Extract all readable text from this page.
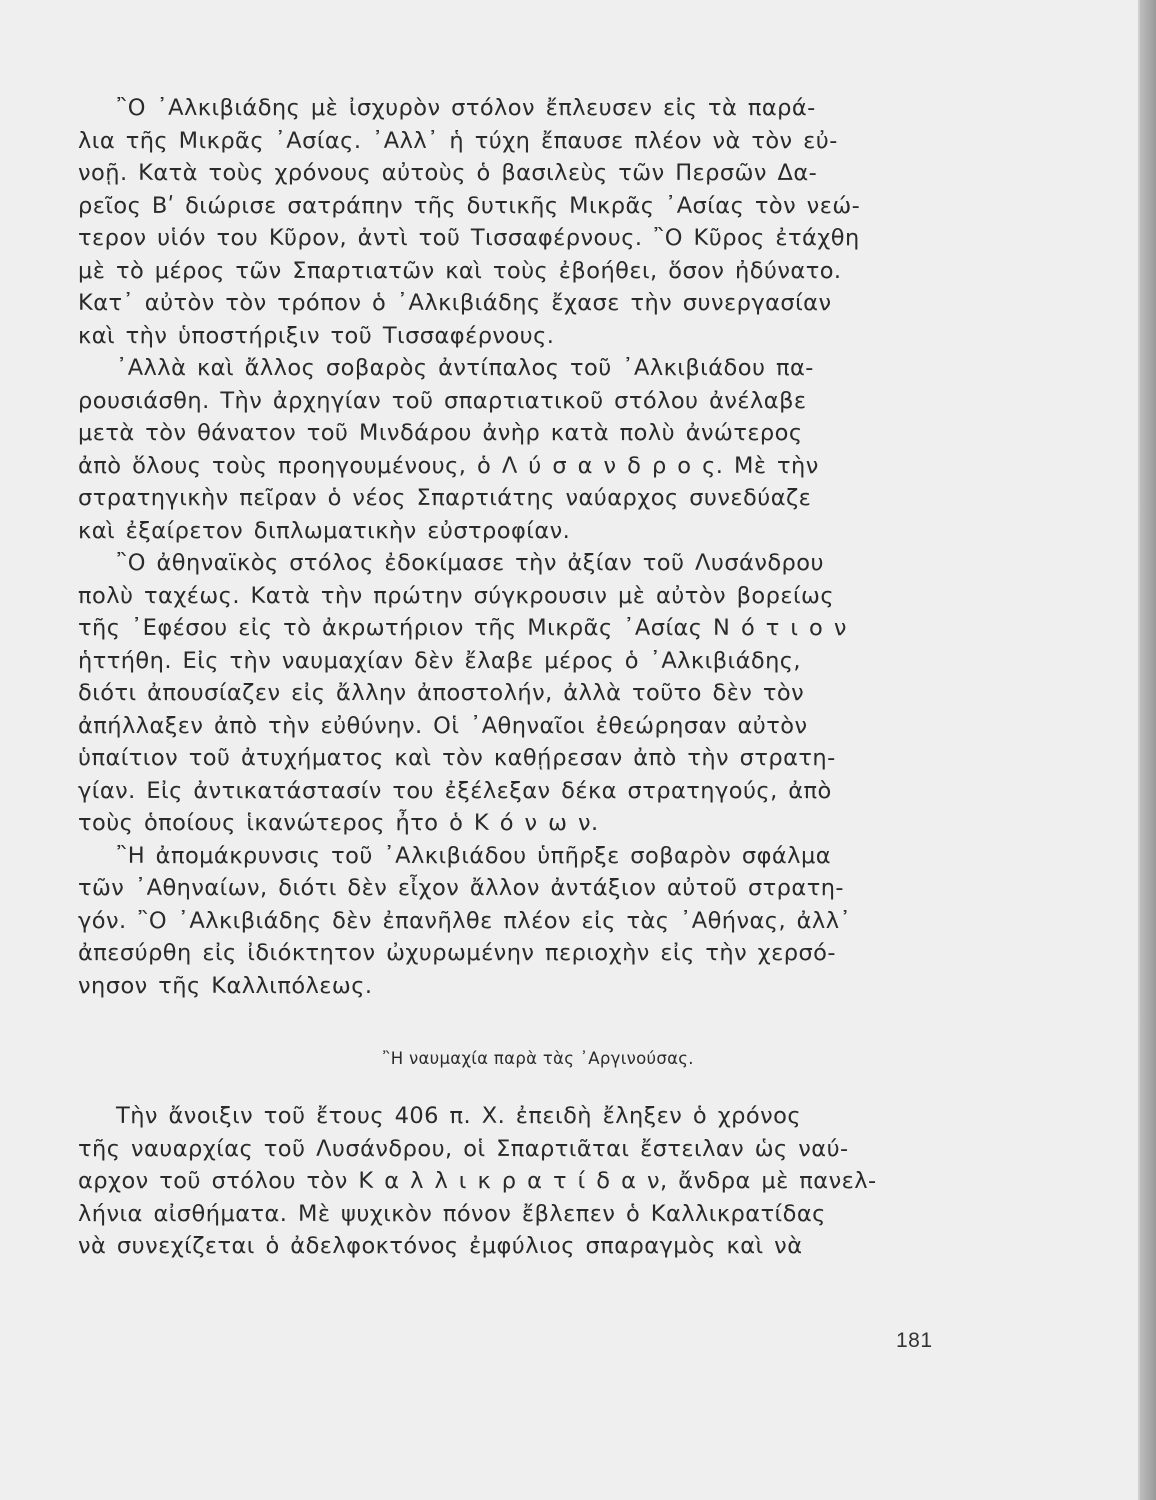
῍Ο ᾽Αλκιβιάδης μὲ ἰσχυρὸν στόλον ἔπλευσεν εἰς τὰ παρά-
λια τῆς Μικρᾶς ᾽Ασίας. ᾽Αλλ᾽ ἡ τύχη ἔπαυσε πλέον νὰ τὸν εὐ-
νοῇ. Κατὰ τοὺς χρόνους αὐτοὺς ὁ βασιλεὺς τῶν Περσῶν Δα-
ρεῖος Βʹ διώρισε σατράπην τῆς δυτικῆς Μικρᾶς ᾽Ασίας τὸν νεώ-
τερον υἱόν του Κῦρον, ἀντὶ τοῦ Τισσαφέρνους. ῍Ο Κῦρος ἐτάχθη
μὲ τὸ μέρος τῶν Σπαρτιατῶν καὶ τοὺς ἐβοήθει, ὅσον ἠδύνατο.
Κατ᾽ αὐτὸν τὸν τρόπον ὁ ᾽Αλκιβιάδης ἔχασε τὴν συνεργασίαν
καὶ τὴν ὑποστήριξιν τοῦ Τισσαφέρνους.
᾽Αλλὰ καὶ ἄλλος σοβαρὸς ἀντίπαλος τοῦ ᾽Αλκιβιάδου πα-
ρουσιάσθη. Τὴν ἀρχηγίαν τοῦ σπαρτιατικοῦ στόλου ἀνέλαβε
μετὰ τὸν θάνατον τοῦ Μινδάρου ἀνὴρ κατὰ πολὺ ἀνώτερος
ἀπὸ ὅλους τοὺς προηγουμένους, ὁ Λ ύ σ α ν δ ρ ο ς. Μὲ τὴν
στρατηγικὴν πεῖραν ὁ νέος Σπαρτιάτης ναύαρχος συνεδύαζε
καὶ ἐξαίρετον διπλωματικὴν εὐστροφίαν.
῍Ο ἀθηναϊκὸς στόλος ἐδοκίμασε τὴν ἀξίαν τοῦ Λυσάνδρου
πολὺ ταχέως. Κατὰ τὴν πρώτην σύγκρουσιν μὲ αὐτὸν βορείως
τῆς ᾽Εφέσου εἰς τὸ ἀκρωτήριον τῆς Μικρᾶς ᾽Ασίας Ν ό τ ι ο ν
ἡττήθη. Εἰς τὴν ναυμαχίαν δὲν ἔλαβε μέρος ὁ ᾽Αλκιβιάδης,
διότι ἀπουσίαζεν εἰς ἄλλην ἀποστολήν, ἀλλὰ τοῦτο δὲν τὸν
ἀπήλλαξεν ἀπὸ τὴν εὐθύνην. Οἱ ᾽Αθηναῖοι ἐθεώρησαν αὐτὸν
ὑπαίτιον τοῦ ἀτυχήματος καὶ τὸν καθῄρεσαν ἀπὸ τὴν στρατη-
γίαν. Εἰς ἀντικατάστασίν του ἐξέλεξαν δέκα στρατηγούς, ἀπὸ
τοὺς ὁποίους ἱκανώτερος ἦτο ὁ Κ ό ν ω ν.
῍Η ἀπομάκρυνσις τοῦ ᾽Αλκιβιάδου ὑπῆρξε σοβαρὸν σφάλμα
τῶν ᾽Αθηναίων, διότι δὲν εἶχον ἄλλον ἀντάξιον αὐτοῦ στρατη-
γόν. ῍Ο ᾽Αλκιβιάδης δὲν ἐπανῆλθε πλέον εἰς τὰς ᾽Αθήνας, ἀλλ᾽
ἀπεσύρθη εἰς ἰδιόκτητον ὠχυρωμένην περιοχὴν εἰς τὴν χερσό-
νησον τῆς Καλλιπόλεως.
῍Η ναυμαχία παρὰ τὰς ᾽Αργινούσας.
Τὴν ἄνοιξιν τοῦ ἔτους 406 π. Χ. ἐπειδὴ ἔληξεν ὁ χρόνος
τῆς ναυαρχίας τοῦ Λυσάνδρου, οἱ Σπαρτιᾶται ἔστειλαν ὡς ναύ-
αρχον τοῦ στόλου τὸν Κ α λ λ ι κ ρ α τ ί δ α ν, ἄνδρα μὲ πανελ-
λήνια αἰσθήματα. Μὲ ψυχικὸν πόνον ἔβλεπεν ὁ Καλλικρατίδας
νὰ συνεχίζεται ὁ ἀδελφοκτόνος ἐμφύλιος σπαραγμὸς καὶ νὰ
181
